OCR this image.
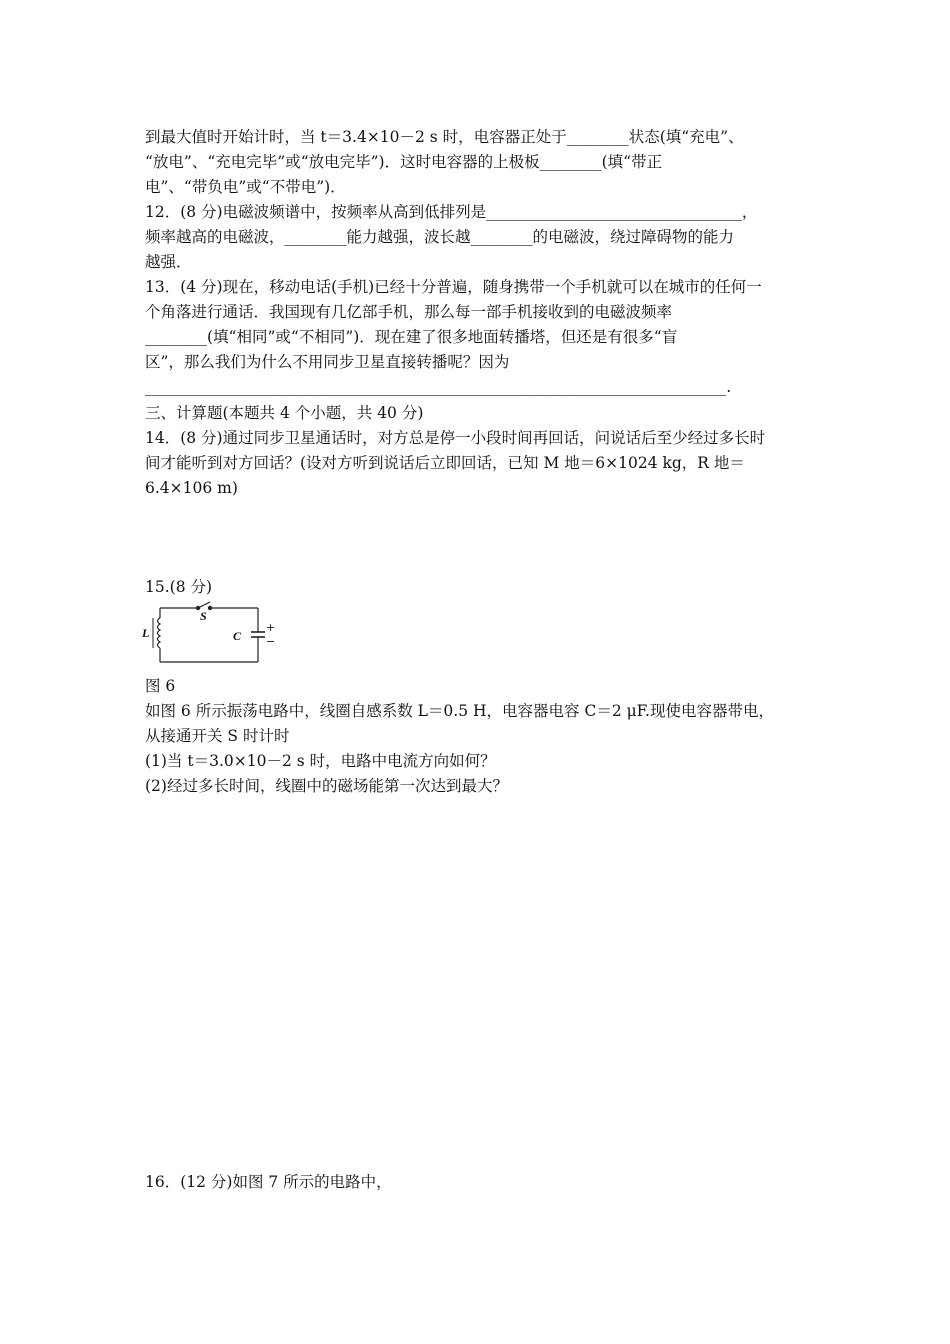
到最大值时开始计时，当 t＝3.4×10－2 s 时，电容器正处于________状态(填“充电”、
“放电”、“充电完毕”或“放电完毕”)．这时电容器的上极板________(填“带正
电”、“带负电”或“不带电”)．
12．(8 分)电磁波频谱中，按频率从高到低排列是_________________________________，
频率越高的电磁波，________能力越强，波长越________的电磁波，绕过障碍物的能力
越强．
13．(4 分)现在，移动电话(手机)已经十分普遍，随身携带一个手机就可以在城市的任何一
个角落进行通话．我国现有几亿部手机，那么每一部手机接收到的电磁波频率
________(填“相同”或“不相同”)．现在建了很多地面转播塔，但还是有很多“盲
区”，那么我们为什么不用同步卫星直接转播呢？因为
___________________________________________________________________________.
三、计算题(本题共 4 个小题，共 40 分)
14．(8 分)通过同步卫星通话时，对方总是停一小段时间再回话，问说话后至少经过多长时
间才能听到对方回话？(设对方听到说话后立即回话，已知 M 地＝6×1024 kg，R 地＝
6.4×106 m)
15.(8 分)
S
L	C
+
−
图 6
如图 6 所示振荡电路中，线圈自感系数 L＝0.5 H，电容器电容 C＝2 μF.现使电容器带电，
从接通开关 S 时计时
(1)当 t＝3.0×10－2 s 时，电路中电流方向如何？
(2)经过多长时间，线圈中的磁场能第一次达到最大？
16．(12 分)如图 7 所示的电路中，
